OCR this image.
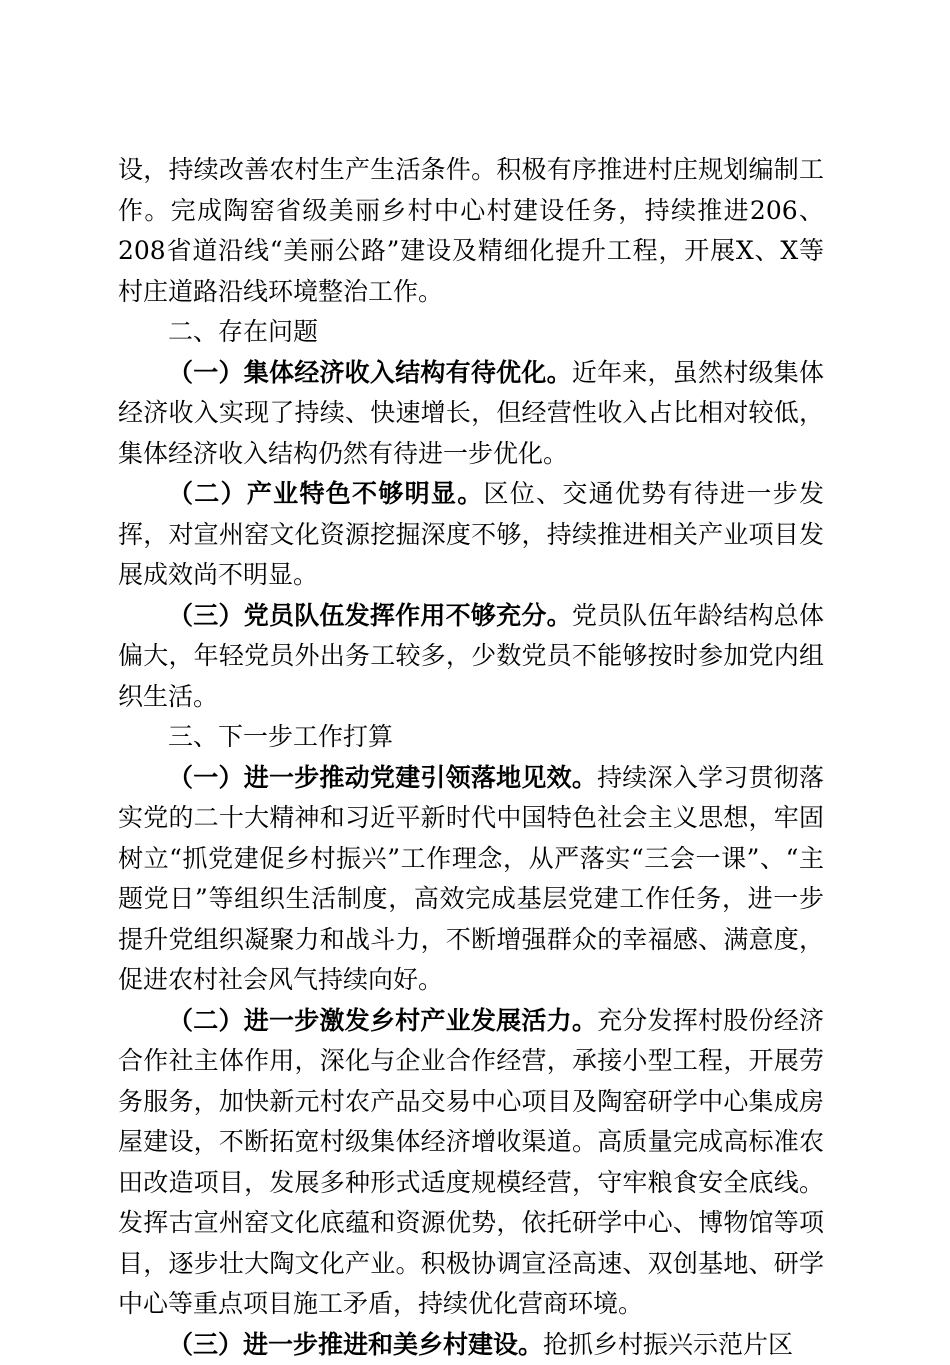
设，持续改善农村生产生活条件。积极有序推进村庄规划编制工作。完成陶窑省级美丽乡村中心村建设任务，持续推进206、208省道沿线“美丽公路”建设及精细化提升工程，开展X、X等村庄道路沿线环境整治工作。

二、存在问题

（一）集体经济收入结构有待优化。近年来，虽然村级集体经济收入实现了持续、快速增长，但经营性收入占比相对较低，集体经济收入结构仍然有待进一步优化。

（二）产业特色不够明显。区位、交通优势有待进一步发挥，对宣州窑文化资源挖掘深度不够，持续推进相关产业项目发展成效尚不明显。

（三）党员队伍发挥作用不够充分。党员队伍年龄结构总体偏大，年轻党员外出务工较多，少数党员不能够按时参加党内组织生活。

三、下一步工作打算

（一）进一步推动党建引领落地见效。持续深入学习贯彻落实党的二十大精神和习近平新时代中国特色社会主义思想，牢固树立“抓党建促乡村振兴”工作理念，从严落实“三会一课”、“主题党日”等组织生活制度，高效完成基层党建工作任务，进一步提升党组织凝聚力和战斗力，不断增强群众的幸福感、满意度，促进农村社会风气持续向好。

（二）进一步激发乡村产业发展活力。充分发挥村股份经济合作社主体作用，深化与企业合作经营，承接小型工程，开展劳务服务，加快新元村农产品交易中心项目及陶窑研学中心集成房屋建设，不断拓宽村级集体经济增收渠道。高质量完成高标准农田改造项目，发展多种形式适度规模经营，守牢粮食安全底线。发挥古宣州窑文化底蕴和资源优势，依托研学中心、博物馆等项目，逐步壮大陶文化产业。积极协调宣泾高速、双创基地、研学中心等重点项目施工矛盾，持续优化营商环境。

（三）进一步推进和美乡村建设。抢抓乡村振兴示范片区
